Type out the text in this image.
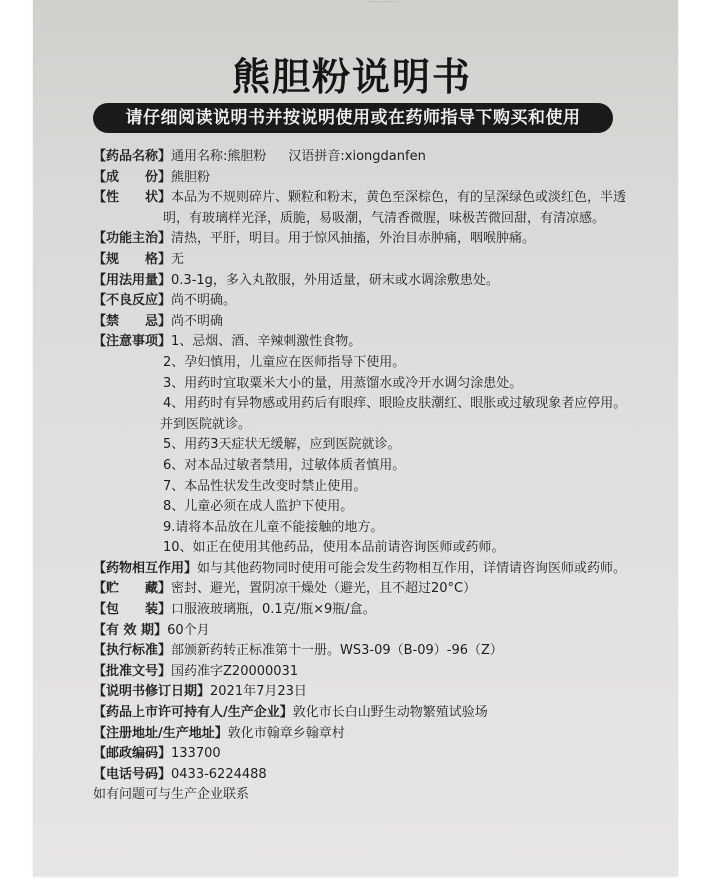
· · · · · · · · · ·
熊胆粉说明书
请仔细阅读说明书并按说明使用或在药师指导下购买和使用
【药品名称】 通用名称:熊胆粉 汉语拼音:xiongdanfen
【成　　份】 熊胆粉
【性　　状】 本品为不规则碎片、颗粒和粉末，黄色至深棕色，有的呈深绿色或淡红色，半透
明，有玻璃样光泽，质脆，易吸潮，气清香微腥，味极苦微回甜，有清凉感。
【功能主治】 清热，平肝，明目。用于惊风抽搐，外治目赤肿痛，咽喉肿痛。
【规　　格】 无
【用法用量】 0.3-1g，多入丸散服，外用适量，研末或水调涂敷患处。
【不良反应】 尚不明确。
【禁　　忌】 尚不明确
【注意事项】 1、忌烟、酒、辛辣刺激性食物。
2、孕妇慎用，儿童应在医师指导下使用。
3、用药时宜取粟米大小的量，用蒸馏水或冷开水调匀涂患处。
4、用药时有异物感或用药后有眼痒、眼睑皮肤潮红、眼胀或过敏现象者应停用。
并到医院就诊。
5、用药3天症状无缓解，应到医院就诊。
6、对本品过敏者禁用，过敏体质者慎用。
7、本品性状发生改变时禁止使用。
8、儿童必须在成人监护下使用。
9.请将本品放在儿童不能接触的地方。
10、如正在使用其他药品，使用本品前请咨询医师或药师。
【药物相互作用】 如与其他药物同时使用可能会发生药物相互作用，详情请咨询医师或药师。
【贮　　藏】 密封、避光，置阴凉干燥处（避光，且不超过20°C）
【包　　装】 口服液玻璃瓶，0.1克/瓶×9瓶/盒。
【有 效 期】 60个月
【执行标准】 部颁新药转正标准第十一册。WS3-09（B-09）-96（Z）
【批准文号】 国药准字Z20000031
【说明书修订日期】 2021年7月23日
【药品上市许可持有人/生产企业】 敦化市长白山野生动物繁殖试验场
【注册地址/生产地址】 敦化市翰章乡翰章村
【邮政编码】 133700
【电话号码】 0433-6224488
如有问题可与生产企业联系
